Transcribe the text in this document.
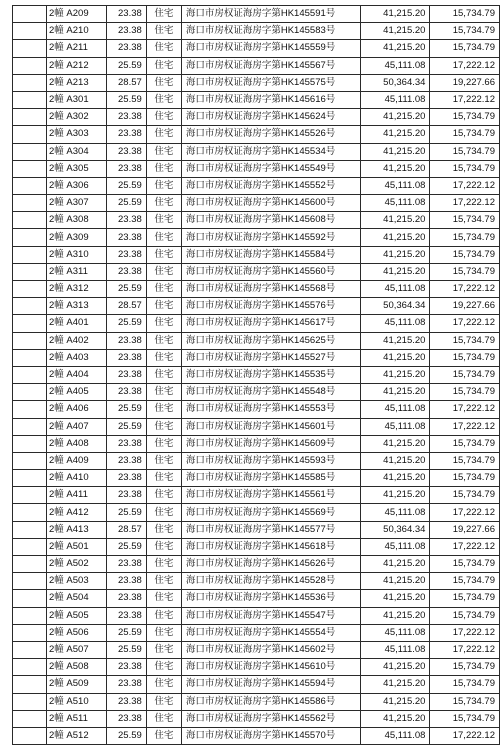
	2幢 A209	23.38	住宅	海口市房权证海房字第HK145591号	41,215.20	15,734.79
	2幢 A210	23.38	住宅	海口市房权证海房字第HK145583号	41,215.20	15,734.79
	2幢 A211	23.38	住宅	海口市房权证海房字第HK145559号	41,215.20	15,734.79
	2幢 A212	25.59	住宅	海口市房权证海房字第HK145567号	45,111.08	17,222.12
	2幢 A213	28.57	住宅	海口市房权证海房字第HK145575号	50,364.34	19,227.66
	2幢 A301	25.59	住宅	海口市房权证海房字第HK145616号	45,111.08	17,222.12
	2幢 A302	23.38	住宅	海口市房权证海房字第HK145624号	41,215.20	15,734.79
	2幢 A303	23.38	住宅	海口市房权证海房字第HK145526号	41,215.20	15,734.79
	2幢 A304	23.38	住宅	海口市房权证海房字第HK145534号	41,215.20	15,734.79
	2幢 A305	23.38	住宅	海口市房权证海房字第HK145549号	41,215.20	15,734.79
	2幢 A306	25.59	住宅	海口市房权证海房字第HK145552号	45,111.08	17,222.12
	2幢 A307	25.59	住宅	海口市房权证海房字第HK145600号	45,111.08	17,222.12
	2幢 A308	23.38	住宅	海口市房权证海房字第HK145608号	41,215.20	15,734.79
	2幢 A309	23.38	住宅	海口市房权证海房字第HK145592号	41,215.20	15,734.79
	2幢 A310	23.38	住宅	海口市房权证海房字第HK145584号	41,215.20	15,734.79
	2幢 A311	23.38	住宅	海口市房权证海房字第HK145560号	41,215.20	15,734.79
	2幢 A312	25.59	住宅	海口市房权证海房字第HK145568号	45,111.08	17,222.12
	2幢 A313	28.57	住宅	海口市房权证海房字第HK145576号	50,364.34	19,227.66
	2幢 A401	25.59	住宅	海口市房权证海房字第HK145617号	45,111.08	17,222.12
	2幢 A402	23.38	住宅	海口市房权证海房字第HK145625号	41,215.20	15,734.79
	2幢 A403	23.38	住宅	海口市房权证海房字第HK145527号	41,215.20	15,734.79
	2幢 A404	23.38	住宅	海口市房权证海房字第HK145535号	41,215.20	15,734.79
	2幢 A405	23.38	住宅	海口市房权证海房字第HK145548号	41,215.20	15,734.79
	2幢 A406	25.59	住宅	海口市房权证海房字第HK145553号	45,111.08	17,222.12
	2幢 A407	25.59	住宅	海口市房权证海房字第HK145601号	45,111.08	17,222.12
	2幢 A408	23.38	住宅	海口市房权证海房字第HK145609号	41,215.20	15,734.79
	2幢 A409	23.38	住宅	海口市房权证海房字第HK145593号	41,215.20	15,734.79
	2幢 A410	23.38	住宅	海口市房权证海房字第HK145585号	41,215.20	15,734.79
	2幢 A411	23.38	住宅	海口市房权证海房字第HK145561号	41,215.20	15,734.79
	2幢 A412	25.59	住宅	海口市房权证海房字第HK145569号	45,111.08	17,222.12
	2幢 A413	28.57	住宅	海口市房权证海房字第HK145577号	50,364.34	19,227.66
	2幢 A501	25.59	住宅	海口市房权证海房字第HK145618号	45,111.08	17,222.12
	2幢 A502	23.38	住宅	海口市房权证海房字第HK145626号	41,215.20	15,734.79
	2幢 A503	23.38	住宅	海口市房权证海房字第HK145528号	41,215.20	15,734.79
	2幢 A504	23.38	住宅	海口市房权证海房字第HK145536号	41,215.20	15,734.79
	2幢 A505	23.38	住宅	海口市房权证海房字第HK145547号	41,215.20	15,734.79
	2幢 A506	25.59	住宅	海口市房权证海房字第HK145554号	45,111.08	17,222.12
	2幢 A507	25.59	住宅	海口市房权证海房字第HK145602号	45,111.08	17,222.12
	2幢 A508	23.38	住宅	海口市房权证海房字第HK145610号	41,215.20	15,734.79
	2幢 A509	23.38	住宅	海口市房权证海房字第HK145594号	41,215.20	15,734.79
	2幢 A510	23.38	住宅	海口市房权证海房字第HK145586号	41,215.20	15,734.79
	2幢 A511	23.38	住宅	海口市房权证海房字第HK145562号	41,215.20	15,734.79
	2幢 A512	25.59	住宅	海口市房权证海房字第HK145570号	45,111.08	17,222.12
